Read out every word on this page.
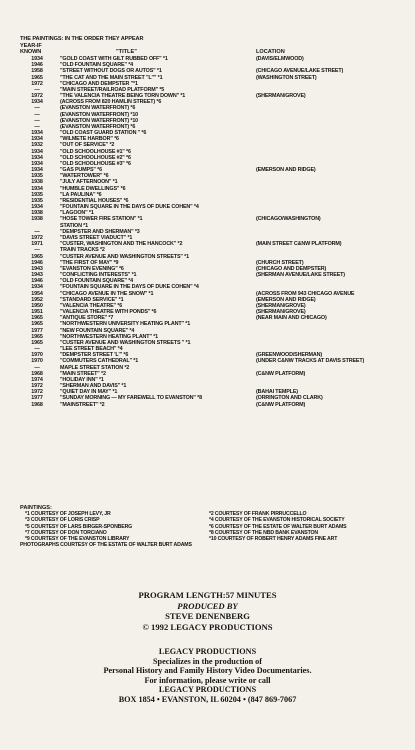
THE PAINTINGS: IN THE ORDER THEY APPEAR
YEAR-IF
KNOWN	"TITLE"	LOCATION
1934	"GOLD COAST WITH GILT RUBBED OFF" *1	(DAVIS/ELMWOOD)
1946	"OLD FOUNTAIN SQUARE" *4
1958	"STREET WITHOUT DOGS OR AUTOS" *1	(CHICAGO AVENUE/LAKE STREET)
1965	"THE CAT AND THE MAIN STREET "L"" *1	(WASHINGTON STREET)
1972	"CHICAGO AND DEMPSTER "*1
—	"MAIN STREET/RAILROAD PLATFORM" *5
1972	"THE VALENCIA THEATRE BEING TORN DOWN" *1	(SHERMAN/GROVE)
1934	(ACROSS FROM 820 HAMLIN STREET) *6
—	(EVANSTON WATERFRONT) *6
—	(EVANSTON WATERFRONT) *10
—	(EVANSTON WATERFRONT) *10
—	(EVANSTON WATERFRONT) *6
1934	"OLD COAST GUARD STATION " *6
1934	"WILMETE HARBOR" *6
1932	"OUT OF SERVICE" *2
1934	"OLD SCHOOLHOUSE #1" *6
1934	"OLD SCHOOLHOUSE #2" *6
1934	"OLD SCHOOLHOUSE #3" *6
1934	"GAS PUMPS" *6	(EMERSON AND RIDGE)
1935	"WATERTOWER" *6
1938	"JULY AFTERNOON" *1
1934	"HUMBLE DWELLINGS" *6
1935	"LA PAULINA" *6
1935	"RESIDENTIAL HOUSES" *6
1934	"FOUNTAIN SQUARE IN THE DAYS OF DUKE COHEN" *4
1938	"LAGOON" *1
1938	"HOSE TOWER FIRE STATION" *1	(CHICAGO/WASHINGTON)
STATION *1
—	"DEMPSTER AND SHERMAN" *3
1972	"DAVIS STREET VIADUCT" *1
1971	"CUSTER, WASHINGTON AND THE HANCOCK" *2	(MAIN STREET C&NW PLATFORM)
—	TRAIN TRACKS *2
1965	"CUSTER AVENUE AND WASHINGTON STREETS" *1
1946	"THE FIRST OF MAY" *9	(CHURCH STREET)
1943	"EVANSTON EVENING" *6	(CHICAGO AND DEMPSTER)
1943	"CONFLICTING INTERESTS" *1	(SHERMAN AVENUE/LAKE STREET)
1946	"OLD FOUNTAIN SQUARE" *4
1934	"FOUNTAIN SQUARE IN THE DAYS OF DUKE COHEN" *4
1954	"CHICAGO AVENUE IN THE SNOW" *1	(ACROSS FROM 943 CHICAGO AVENUE
1952	"STANDARD SERVICE" *1	(EMERSON AND RIDGE)
1950	"VALENCIA THEATRE" *6	(SHERMAN/GROVE)
1951	"VALENCIA THEATRE WITH PONDS" *6	(SHERMAN/GROVE)
1965	"ANTIQUE STORE" *7	(NEAR MAIN AND CHICAGO)
1965	"NORTHWESTERN UNIVERSITY HEATING PLANT" *1
1977	"NEW FOUNTAIN SQUARE" *4
1965	"NORTHWESTERN HEATING PLANT" *1
1965	"CUSTER AVENUE AND WASHINGTON STREETS " *1
—	"LEE STREET BEACH" *4
1970	"DEMPSTER STREET 'L'" *6	(GREENWOOD/SHERMAN)
1970	"COMMUTERS CATHEDRAL" *1	(UNDER C&NW TRACKS AT DAVIS STREET)
—	MAPLE STREET STATION *2
1968	"MAIN STREET" *2	(C&NW PLATFORM)
1974	"HOLIDAY INN" *1
1972	"SHERMAN AND DAVIS" *1
1972	"QUIET DAY IN MAY" *1	(BAHAI TEMPLE)
1977	"SUNDAY MORNING — MY FAREWELL TO EVANSTON" *8	(ORRINGTON AND CLARK)
1968	"MAINSTREET" *2	(C&NW PLATFORM)
PAINTINGS:
*1 COURTESY OF JOSEPH LEVY, JR	*2 COURTESY OF FRANK PIRRUCCELLO
*3 COURTESY OF LORIS CRISP	*4 COURTESY OF THE EVANSTON HISTORICAL SOCIETY
*5 COURTESY OF LARS BIRGER-SPONBERG	*6 COURTESY OF THE ESTATE OF WALTER BURT ADAMS
*7 COURTESY OF DON TORCIANO	*8 COURTESY OF THE NBD BANK EVANSTON
*9 COURTESY OF THE EVANSTON LIBRARY	*10 COURTESY OF ROBERT HENRY ADAMS FINE ART
PHOTOGRAPHS COURTESY OF THE ESTATE OF WALTER BURT ADAMS
PROGRAM LENGTH:57 MINUTES
PRODUCED BY
STEVE DENENBERG
© 1992 LEGACY PRODUCTIONS
LEGACY PRODUCTIONS
Specializes in the production of
Personal History and Family History Video Documentaries.
For information, please write or call
LEGACY PRODUCTIONS
BOX 1854 • EVANSTON, IL 60204 • (847 869-7067
